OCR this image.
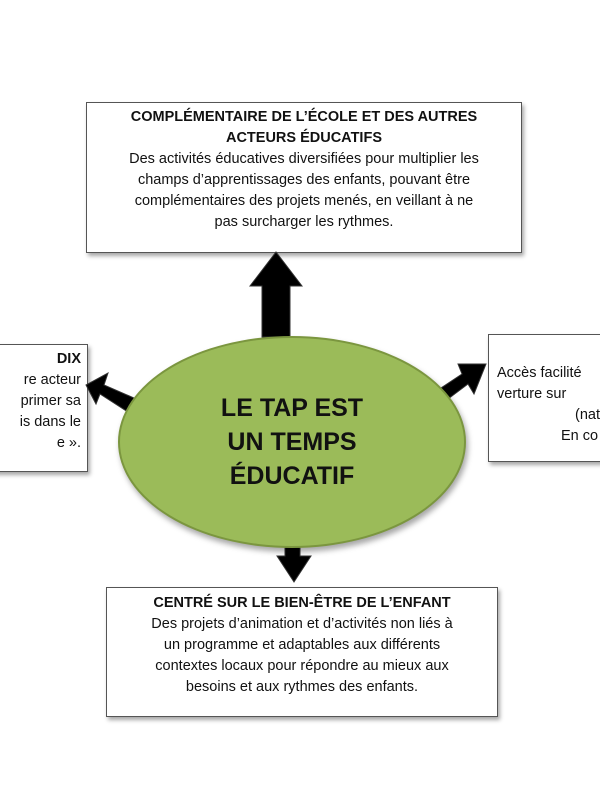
COMPLÉMENTAIRE DE L’ÉCOLE ET DES AUTRES
ACTEURS ÉDUCATIFS
Des activités éducatives diversifiées pour multiplier les
champs d’apprentissages des enfants, pouvant être
complémentaires des projets menés, en veillant à ne
pas surcharger les rythmes.
DIX
re acteur
primer sa
is dans le
e ».
Accès facilité
verture sur
(nat
En co
CENTRÉ SUR LE BIEN-ÊTRE DE L’ENFANT
Des projets d’animation et d’activités non liés à
un programme et adaptables aux différents
contextes locaux pour répondre au mieux aux
besoins et aux rythmes des enfants.
LE TAP EST
UN TEMPS
ÉDUCATIF
